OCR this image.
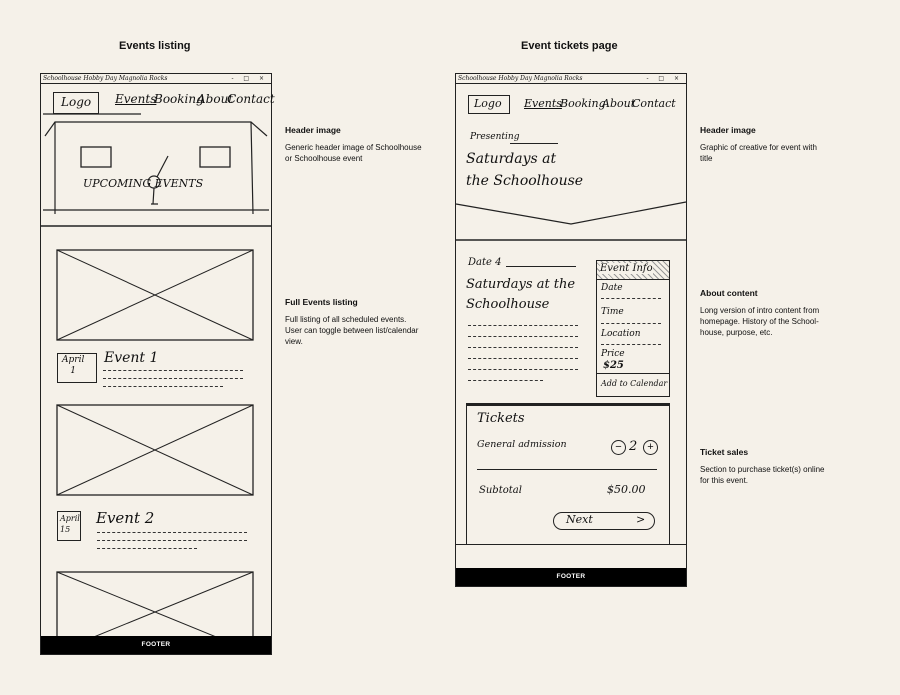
Events listing	Event tickets page
Schoolhouse Hobby Day Magnolia Rocks	- □ ×
Logo Events
Booking
About
Contact
UPCOMING EVENTS
April
1
Event 1
April
15
Event 2
FOOTER
Schoolhouse Hobby Day Magnolia Rocks	- □ ×
Logo Events
Booking
About
Contact
Presenting
Saturdays at
the Schoolhouse
Date 4
Saturdays at the
Schoolhouse
Event Info
Date
Time
Location
Price
$25
Add to Calendar
Tickets
General admission	− 2 +
Subtotal	$50.00
Next	>
FOOTER
Header image
Generic header image of Schoolhouse or Schoolhouse event
Full Events listing
Full listing of all scheduled events. User can toggle between list/calendar view.
Header image
Graphic of creative for event with title
About content
Long version of intro content from homepage. History of the School-house, purpose, etc.
Ticket sales
Section to purchase ticket(s) online for this event.
